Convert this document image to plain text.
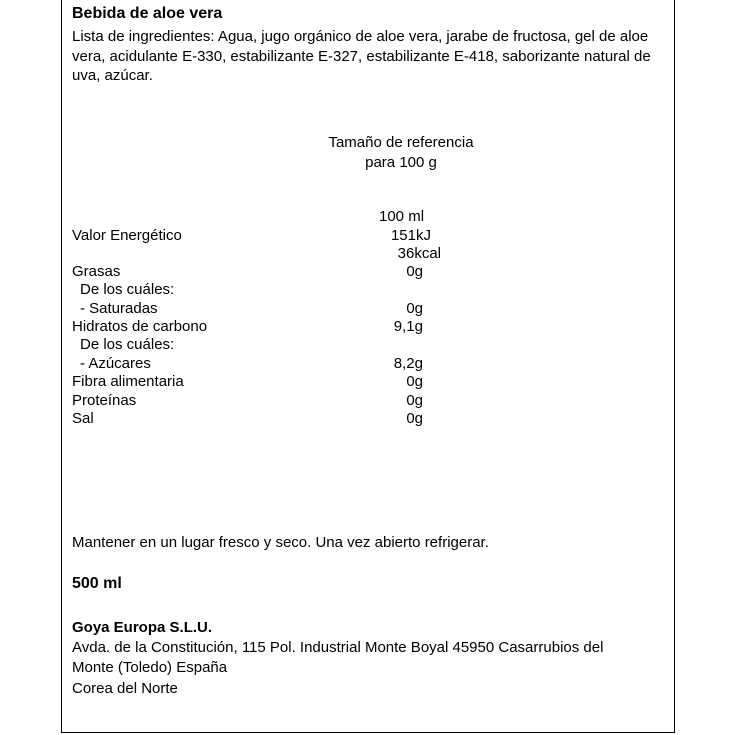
Bebida de aloe vera
Lista de ingredientes: Agua, jugo orgánico de aloe vera, jarabe de fructosa, gel de aloe vera, acidulante E-330, estabilizante E-327, estabilizante E-418, saborizante natural de uva, azúcar.
Tamaño de referencia
para 100 g
100 ml
Valor Energético	151kJ
36kcal
Grasas	0g
De los cuáles:
- Saturadas	0g
Hidratos de carbono	9,1g
De los cuáles:
- Azúcares	8,2g
Fibra alimentaria	0g
Proteínas	0g
Sal	0g
Mantener en un lugar fresco y seco. Una vez abierto refrigerar.
500 ml
Goya Europa S.L.U.
Avda. de la Constitución, 115 Pol. Industrial Monte Boyal 45950 Casarrubios del
Monte (Toledo) España
Corea del Norte
